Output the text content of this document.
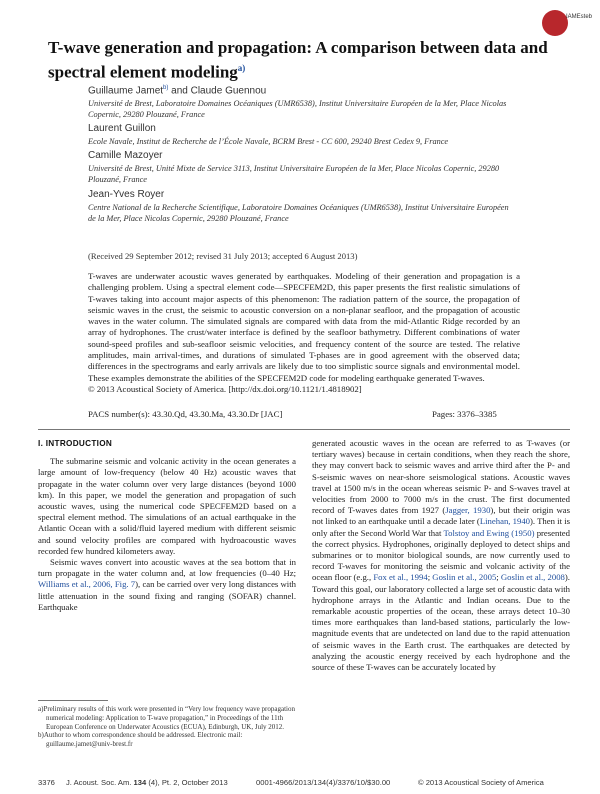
IAMEsteb
T-wave generation and propagation: A comparison between data and spectral element modeling$^{a)}$
Guillaume Jamet$^{b)}$ and Claude Guennou
Université de Brest, Laboratoire Domaines Océaniques (UMR6538), Institut Universitaire Européen de la Mer, Place Nicolas Copernic, 29280 Plouzané, France
Laurent Guillon
Ecole Navale, Institut de Recherche de l’École Navale, BCRM Brest - CC 600, 29240 Brest Cedex 9, France
Camille Mazoyer
Université de Brest, Unité Mixte de Service 3113, Institut Universitaire Européen de la Mer, Place Nicolas Copernic, 29280 Plouzané, France
Jean-Yves Royer
Centre National de la Recherche Scientifique, Laboratoire Domaines Océaniques (UMR6538), Institut Universitaire Européen de la Mer, Place Nicolas Copernic, 29280 Plouzané, France
(Received 29 September 2012; revised 31 July 2013; accepted 6 August 2013)
T-waves are underwater acoustic waves generated by earthquakes. Modeling of their generation and propagation is a challenging problem. Using a spectral element code—SPECFEM2D, this paper presents the first realistic simulations of T-waves taking into account major aspects of this phenomenon: The radiation pattern of the source, the propagation of seismic waves in the crust, the seismic to acoustic conversion on a non-planar seafloor, and the propagation of acoustic waves in the water column. The simulated signals are compared with data from the mid-Atlantic Ridge recorded by an array of hydrophones. The crust/water interface is defined by the seafloor bathymetry. Different combinations of water sound-speed profiles and sub-seafloor seismic velocities, and frequency content of the source are tested. The relative amplitudes, main arrival-times, and durations of simulated T-phases are in good agreement with the observed data; differences in the spectrograms and early arrivals are likely due to too simplistic source signals and environmental model. These examples demonstrate the abilities of the SPECFEM2D code for modeling earthquake generated T-waves.
© 2013 Acoustical Society of America. [http://dx.doi.org/10.1121/1.4818902]
PACS number(s): 43.30.Qd, 43.30.Ma, 43.30.Dr [JAC]	Pages: 3376–3385
I. INTRODUCTION

The submarine seismic and volcanic activity in the ocean generates a large amount of low-frequency (below 40 Hz) acoustic waves that propagate in the water column over very large distances (beyond 1000 km). In this paper, we model the generation and propagation of such acoustic waves, using the numerical code SPECFEM2D based on a spectral element method. The simulations of an actual earthquake in the Atlantic Ocean with a solid/fluid layered medium with different seismic and sound velocity profiles are compared with hydroacoustic waves recorded few hundred kilometers away.

Seismic waves convert into acoustic waves at the sea bottom that in turn propagate in the water column and, at low frequencies (0–40 Hz; Williams et al., 2006, Fig. 7), can be carried over very long distances with little attenuation in the sound fixing and ranging (SOFAR) channel. Earthquake

a)Preliminary results of this work were presented in “Very low frequency wave propagation numerical modeling: Application to T-wave propagation,” in Proceedings of the 11th European Conference on Underwater Acoustics (ECUA), Edinburgh, UK, July 2012.

b)Author to whom correspondence should be addressed. Electronic mail: guillaume.jamet@univ-brest.fr

generated acoustic waves in the ocean are referred to as T-waves (or tertiary waves) because in certain conditions, when they reach the shore, they may convert back to seismic waves and arrive third after the P- and S-seismic waves on near-shore seismological stations. Acoustic waves travel at 1500 m/s in the ocean whereas seismic P- and S-waves travel at velocities from 2000 to 7000 m/s in the crust. The first documented record of T-waves dates from 1927 (Jagger, 1930), but their origin was not linked to an earthquake until a decade later (Linehan, 1940). Then it is only after the Second World War that Tolstoy and Ewing (1950) presented the correct physics. Hydrophones, originally deployed to detect ships and submarines or to monitor biological sounds, are now currently used to record T-waves for monitoring the seismic and volcanic activity of the ocean floor (e.g., Fox et al., 1994; Goslin et al., 2005; Goslin et al., 2008). Toward this goal, our laboratory collected a large set of acoustic data with hydrophone arrays in the Atlantic and Indian oceans. Due to the remarkable acoustic properties of the ocean, these arrays detect 10–30 times more earthquakes than land-based stations, particularly the low-magnitude events that are undetected on land due to the rapid attenuation of seismic waves in the Earth crust. The earthquakes are detected by analyzing the acoustic energy received by each hydrophone and the source of these T-waves can be accurately located by

3376 J. Acoust. Soc. Am. 134 (4), Pt. 2, October 2013	0001-4966/2013/134(4)/3376/10/$30.00	© 2013 Acoustical Society of America
